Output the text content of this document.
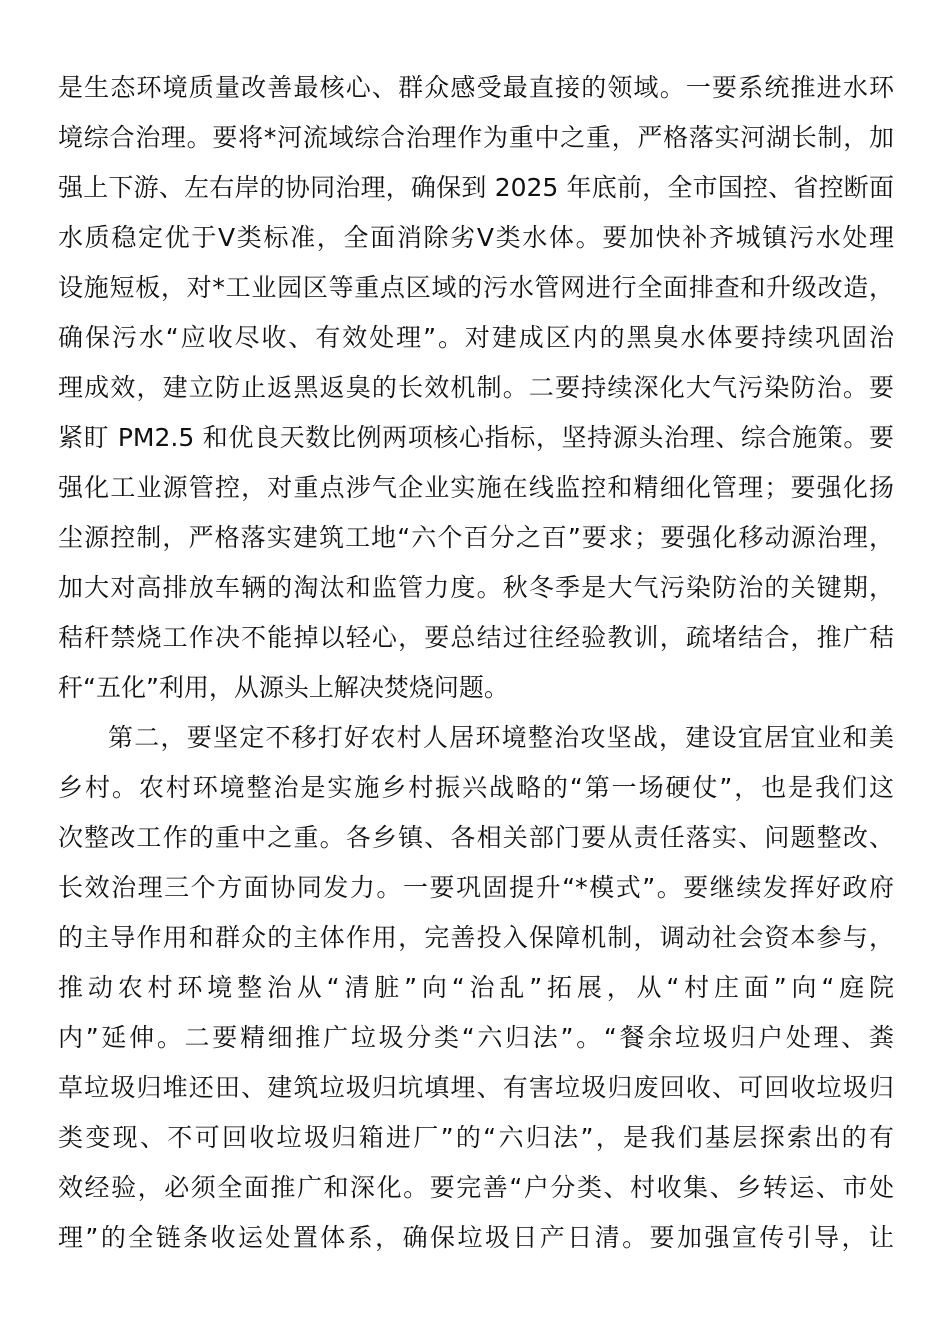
是生态环境质量改善最核心、群众感受最直接的领域。一要系统推进水环
境综合治理。要将*河流域综合治理作为重中之重，严格落实河湖长制，加
强上下游、左右岸的协同治理，确保到 2025 年底前，全市国控、省控断面
水质稳定优于Ⅴ类标准，全面消除劣Ⅴ类水体。要加快补齐城镇污水处理
设施短板，对*工业园区等重点区域的污水管网进行全面排查和升级改造，
确保污水“应收尽收、有效处理”。对建成区内的黑臭水体要持续巩固治
理成效，建立防止返黑返臭的长效机制。二要持续深化大气污染防治。要
紧盯 PM2.5 和优良天数比例两项核心指标，坚持源头治理、综合施策。要
强化工业源管控，对重点涉气企业实施在线监控和精细化管理；要强化扬
尘源控制，严格落实建筑工地“六个百分之百”要求；要强化移动源治理，
加大对高排放车辆的淘汰和监管力度。秋冬季是大气污染防治的关键期，
秸秆禁烧工作决不能掉以轻心，要总结过往经验教训，疏堵结合，推广秸
秆“五化”利用，从源头上解决焚烧问题。
第二，要坚定不移打好农村人居环境整治攻坚战，建设宜居宜业和美
乡村。农村环境整治是实施乡村振兴战略的“第一场硬仗”，也是我们这
次整改工作的重中之重。各乡镇、各相关部门要从责任落实、问题整改、
长效治理三个方面协同发力。一要巩固提升“*模式”。要继续发挥好政府
的主导作用和群众的主体作用，完善投入保障机制，调动社会资本参与，
推动农村环境整治从“清脏”向“治乱”拓展，从“村庄面”向“庭院
内”延伸。二要精细推广垃圾分类“六归法”。“餐余垃圾归户处理、粪
草垃圾归堆还田、建筑垃圾归坑填埋、有害垃圾归废回收、可回收垃圾归
类变现、不可回收垃圾归箱进厂”的“六归法”，是我们基层探索出的有
效经验，必须全面推广和深化。要完善“户分类、村收集、乡转运、市处
理”的全链条收运处置体系，确保垃圾日产日清。要加强宣传引导，让
